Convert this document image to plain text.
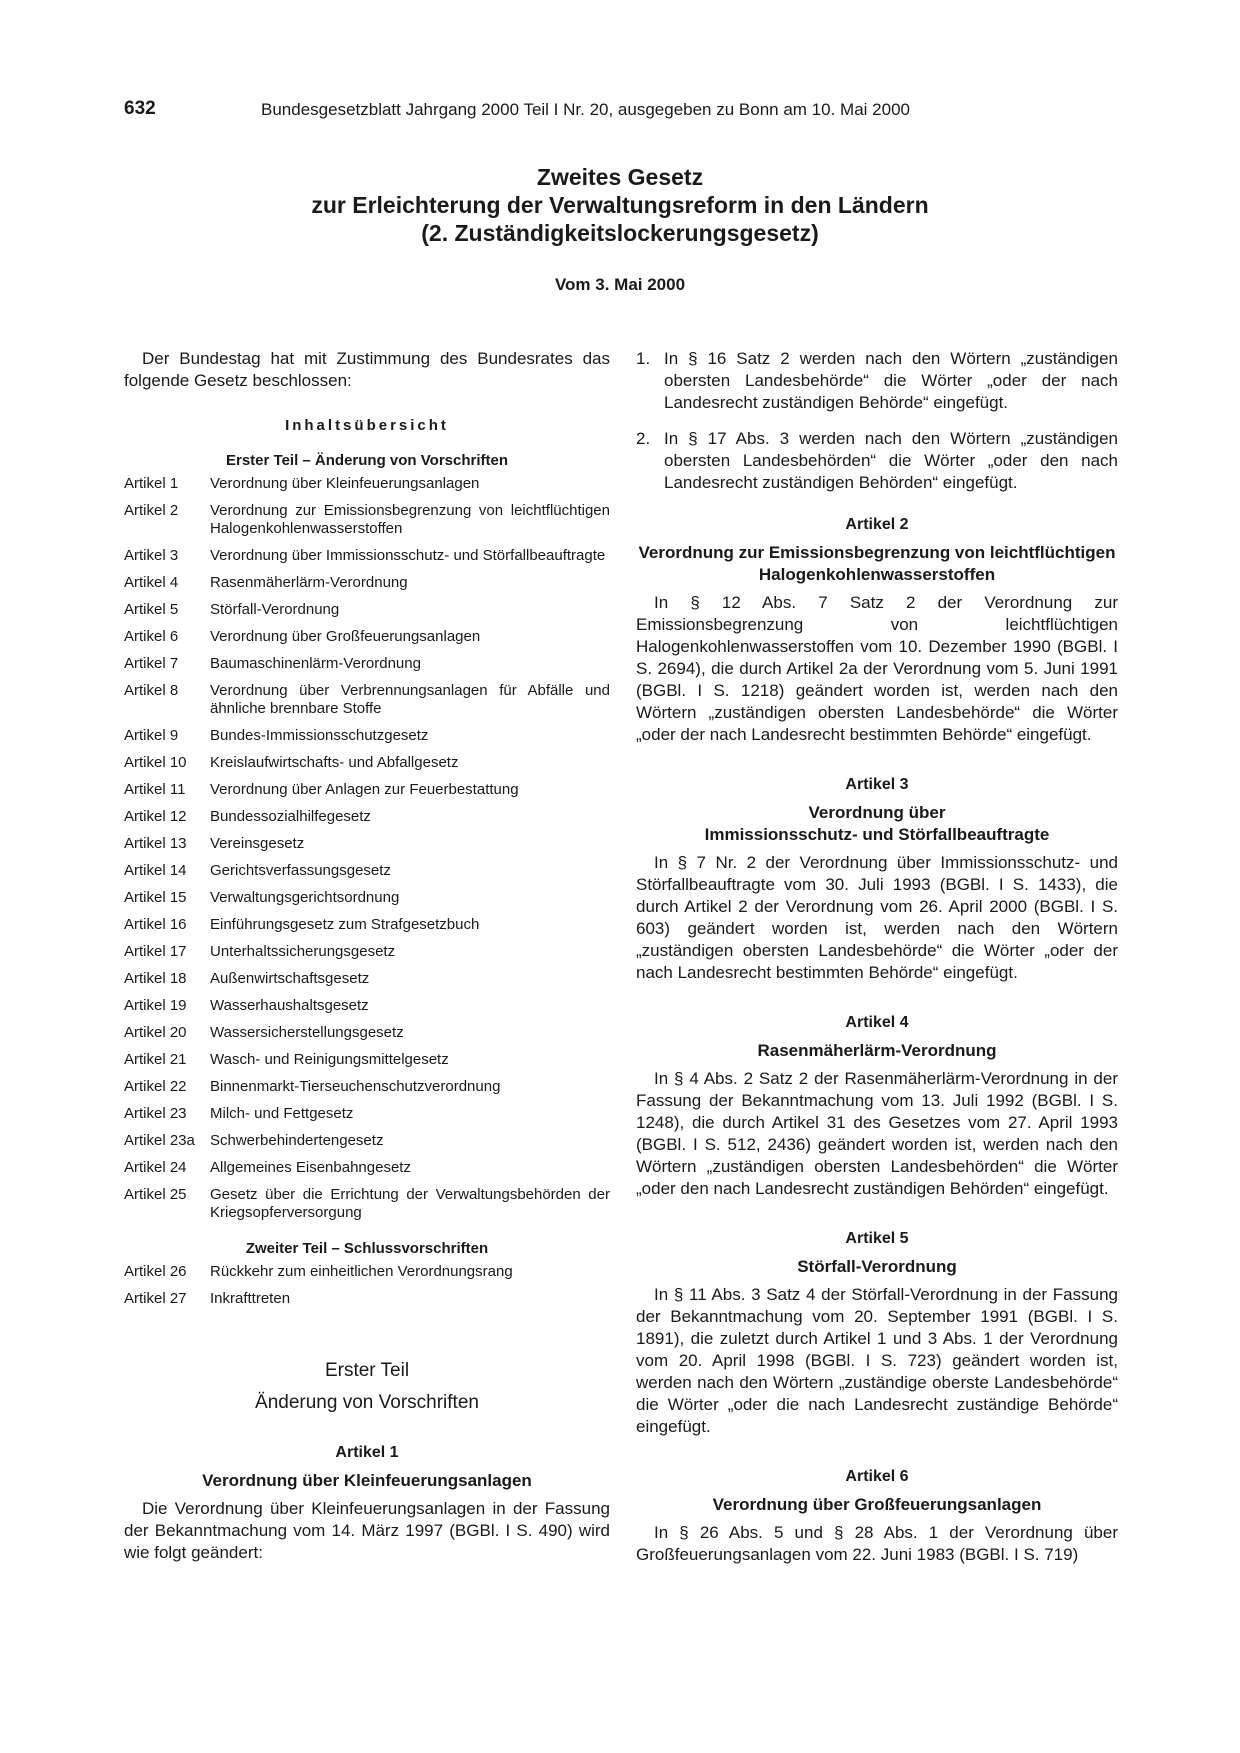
632	Bundesgesetzblatt Jahrgang 2000 Teil I Nr. 20, ausgegeben zu Bonn am 10. Mai 2000

Zweites Gesetz
zur Erleichterung der Verwaltungsreform in den Ländern
(2. Zuständigkeitslockerungsgesetz)

Vom 3. Mai 2000

Der Bundestag hat mit Zustimmung des Bundesrates das folgende Gesetz beschlossen:

Inhaltsübersicht

Erster Teil – Änderung von Vorschriften

Artikel 1	Verordnung über Kleinfeuerungsanlagen
Artikel 2	Verordnung zur Emissionsbegrenzung von leichtflüchtigen Halogenkohlenwasserstoffen
Artikel 3	Verordnung über Immissionsschutz- und Störfallbeauftragte
Artikel 4	Rasenmäherlärm-Verordnung
Artikel 5	Störfall-Verordnung
Artikel 6	Verordnung über Großfeuerungsanlagen
Artikel 7	Baumaschinenlärm-Verordnung
Artikel 8	Verordnung über Verbrennungsanlagen für Abfälle und ähnliche brennbare Stoffe
Artikel 9	Bundes-Immissionsschutzgesetz
Artikel 10	Kreislaufwirtschafts- und Abfallgesetz
Artikel 11	Verordnung über Anlagen zur Feuerbestattung
Artikel 12	Bundessozialhilfegesetz
Artikel 13	Vereinsgesetz
Artikel 14	Gerichtsverfassungsgesetz
Artikel 15	Verwaltungsgerichtsordnung
Artikel 16	Einführungsgesetz zum Strafgesetzbuch
Artikel 17	Unterhaltssicherungsgesetz
Artikel 18	Außenwirtschaftsgesetz
Artikel 19	Wasserhaushaltsgesetz
Artikel 20	Wassersicherstellungsgesetz
Artikel 21	Wasch- und Reinigungsmittelgesetz
Artikel 22	Binnenmarkt-Tierseuchenschutzverordnung
Artikel 23	Milch- und Fettgesetz
Artikel 23a	Schwerbehindertengesetz
Artikel 24	Allgemeines Eisenbahngesetz
Artikel 25	Gesetz über die Errichtung der Verwaltungsbehörden der Kriegsopferversorgung

Zweiter Teil – Schlussvorschriften

Artikel 26	Rückkehr zum einheitlichen Verordnungsrang
Artikel 27	Inkrafttreten

Erster Teil

Änderung von Vorschriften

Artikel 1

Verordnung über Kleinfeuerungsanlagen

Die Verordnung über Kleinfeuerungsanlagen in der Fassung der Bekanntmachung vom 14. März 1997 (BGBl. I S. 490) wird wie folgt geändert:

1. In § 16 Satz 2 werden nach den Wörtern „zuständigen obersten Landesbehörde“ die Wörter „oder der nach Landesrecht zuständigen Behörde“ eingefügt.
2. In § 17 Abs. 3 werden nach den Wörtern „zuständigen obersten Landesbehörden“ die Wörter „oder den nach Landesrecht zuständigen Behörden“ eingefügt.

Artikel 2

Verordnung zur Emissionsbegrenzung von leichtflüchtigen Halogenkohlenwasserstoffen

In § 12 Abs. 7 Satz 2 der Verordnung zur Emissionsbegrenzung von leichtflüchtigen Halogenkohlenwasserstoffen vom 10. Dezember 1990 (BGBl. I S. 2694), die durch Artikel 2a der Verordnung vom 5. Juni 1991 (BGBl. I S. 1218) geändert worden ist, werden nach den Wörtern „zuständigen obersten Landesbehörde“ die Wörter „oder der nach Landesrecht bestimmten Behörde“ eingefügt.

Artikel 3

Verordnung über
Immissionsschutz- und Störfallbeauftragte

In § 7 Nr. 2 der Verordnung über Immissionsschutz- und Störfallbeauftragte vom 30. Juli 1993 (BGBl. I S. 1433), die durch Artikel 2 der Verordnung vom 26. April 2000 (BGBl. I S. 603) geändert worden ist, werden nach den Wörtern „zuständigen obersten Landesbehörde“ die Wörter „oder der nach Landesrecht bestimmten Behörde“ eingefügt.

Artikel 4

Rasenmäherlärm-Verordnung

In § 4 Abs. 2 Satz 2 der Rasenmäherlärm-Verordnung in der Fassung der Bekanntmachung vom 13. Juli 1992 (BGBl. I S. 1248), die durch Artikel 31 des Gesetzes vom 27. April 1993 (BGBl. I S. 512, 2436) geändert worden ist, werden nach den Wörtern „zuständigen obersten Landesbehörden“ die Wörter „oder den nach Landesrecht zuständigen Behörden“ eingefügt.

Artikel 5

Störfall-Verordnung

In § 11 Abs. 3 Satz 4 der Störfall-Verordnung in der Fassung der Bekanntmachung vom 20. September 1991 (BGBl. I S. 1891), die zuletzt durch Artikel 1 und 3 Abs. 1 der Verordnung vom 20. April 1998 (BGBl. I S. 723) geändert worden ist, werden nach den Wörtern „zuständige oberste Landesbehörde“ die Wörter „oder die nach Landesrecht zuständige Behörde“ eingefügt.

Artikel 6

Verordnung über Großfeuerungsanlagen

In § 26 Abs. 5 und § 28 Abs. 1 der Verordnung über Großfeuerungsanlagen vom 22. Juni 1983 (BGBl. I S. 719)
